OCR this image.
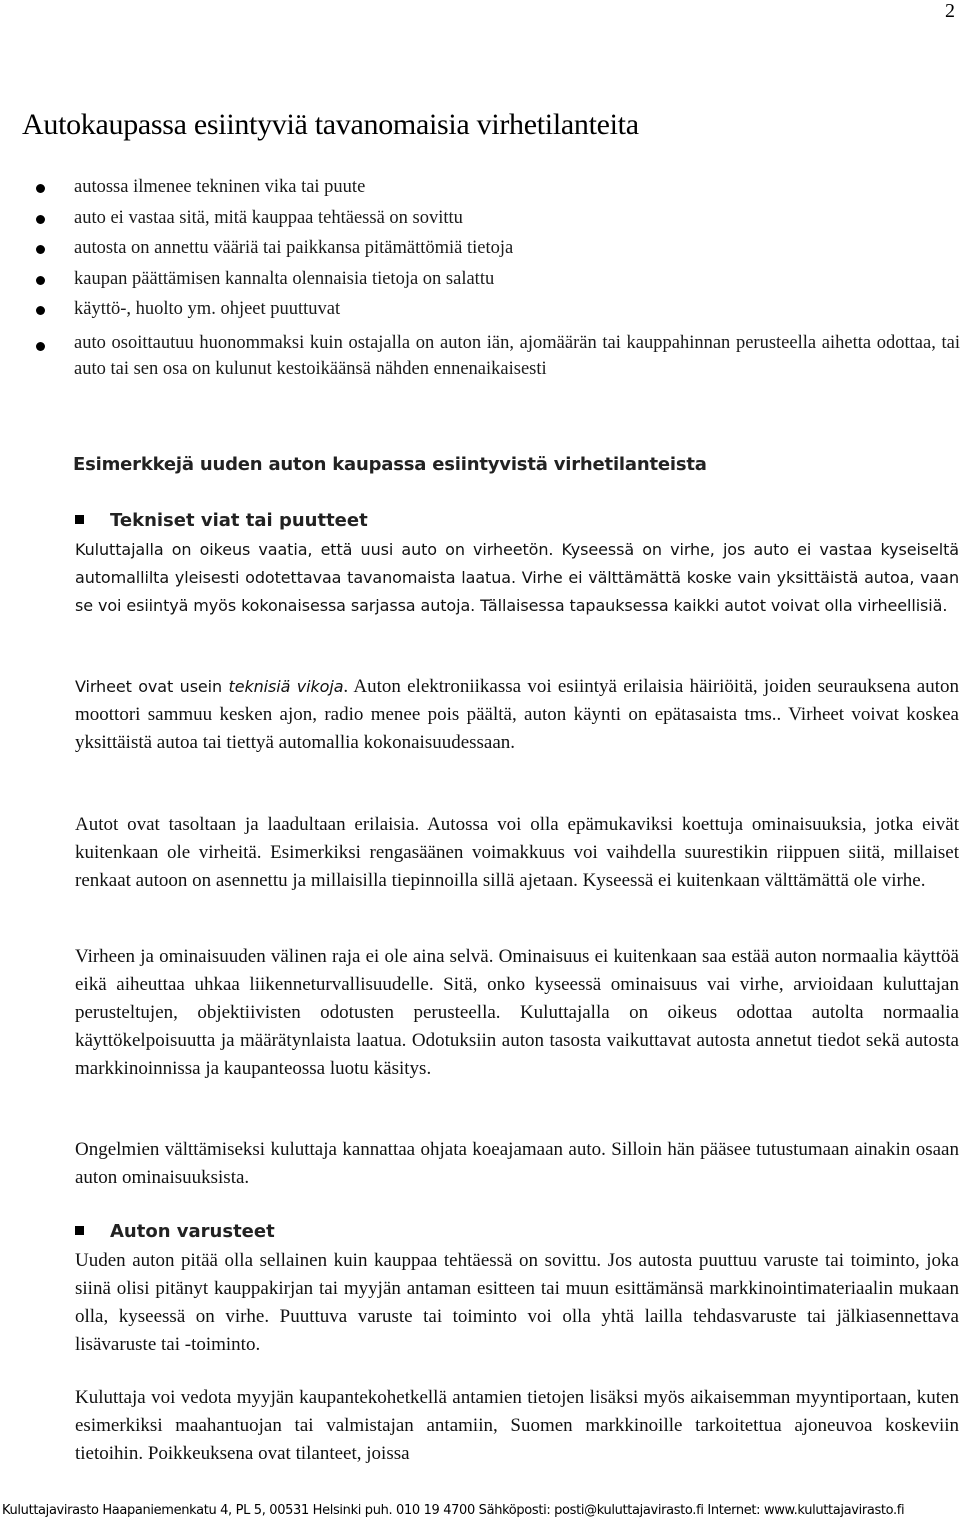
2
Autokaupassa esiintyviä tavanomaisia virhetilanteita
autossa ilmenee tekninen vika tai puute
auto ei vastaa sitä, mitä kauppaa tehtäessä on sovittu
autosta on annettu vääriä tai paikkansa pitämättömiä tietoja
kaupan päättämisen kannalta olennaisia tietoja on salattu
käyttö-, huolto ym. ohjeet puuttuvat
auto osoittautuu huonommaksi kuin ostajalla on auton iän, ajomäärän tai kauppahinnan perusteella aihetta odottaa, tai auto tai sen osa on kulunut kestoikäänsä nähden ennenaikaisesti
Esimerkkejä uuden auton kaupassa esiintyvistä virhetilanteista
Tekniset viat tai puutteet

Kuluttajalla on oikeus vaatia, että uusi auto on virheetön. Kyseessä on virhe, jos auto ei vastaa kyseiseltä automallilta yleisesti odotettavaa tavanomaista laatua. Virhe ei välttämättä koske vain yksittäistä autoa, vaan se voi esiintyä myös kokonaisessa sarjassa autoja. Tällaisessa tapauksessa kaikki autot voivat olla virheellisiä.

Virheet ovat usein teknisiä vikoja. Auton elektroniikassa voi esiintyä erilaisia häiriöitä, joiden seurauksena auton moottori sammuu kesken ajon, radio menee pois päältä, auton käynti on epätasaista tms.. Virheet voivat koskea yksittäistä autoa tai tiettyä automallia kokonaisuudessaan.

Autot ovat tasoltaan ja laadultaan erilaisia. Autossa voi olla epämukaviksi koettuja ominaisuuksia, jotka eivät kuitenkaan ole virheitä. Esimerkiksi rengasäänen voimakkuus voi vaihdella suurestikin riippuen siitä, millaiset renkaat autoon on asennettu ja millaisilla tiepinnoilla sillä ajetaan. Kyseessä ei kuitenkaan välttämättä ole virhe.

Virheen ja ominaisuuden välinen raja ei ole aina selvä. Ominaisuus ei kuitenkaan saa estää auton normaalia käyttöä eikä aiheuttaa uhkaa liikenneturvallisuudelle. Sitä, onko kyseessä ominaisuus vai virhe, arvioidaan kuluttajan perusteltujen, objektiivisten odotusten perusteella. Kuluttajalla on oikeus odottaa autolta normaalia käyttökelpoisuutta ja määrätynlaista laatua. Odotuksiin auton tasosta vaikuttavat autosta annetut tiedot sekä autosta markkinoinnissa ja kaupanteossa luotu käsitys.

Ongelmien välttämiseksi kuluttaja kannattaa ohjata koeajamaan auto. Silloin hän pääsee tutustumaan ainakin osaan auton ominaisuuksista.

Auton varusteet

Uuden auton pitää olla sellainen kuin kauppaa tehtäessä on sovittu. Jos autosta puuttuu varuste tai toiminto, joka siinä olisi pitänyt kauppakirjan tai myyjän antaman esitteen tai muun esittämänsä markkinointimateriaalin mukaan olla, kyseessä on virhe. Puuttuva varuste tai toiminto voi olla yhtä lailla tehdasvaruste tai jälkiasennettava lisävaruste tai -toiminto.

Kuluttaja voi vedota myyjän kaupantekohetkellä antamien tietojen lisäksi myös aikaisemman myyntiportaan, kuten esimerkiksi maahantuojan tai valmistajan antamiin, Suomen markkinoille tarkoitettua ajoneuvoa koskeviin tietoihin. Poikkeuksena ovat tilanteet, joissa

Kuluttajavirasto Haapaniemenkatu 4, PL 5, 00531 Helsinki puh. 010 19 4700 Sähköposti: posti@kuluttajavirasto.fi Internet: www.kuluttajavirasto.fi
